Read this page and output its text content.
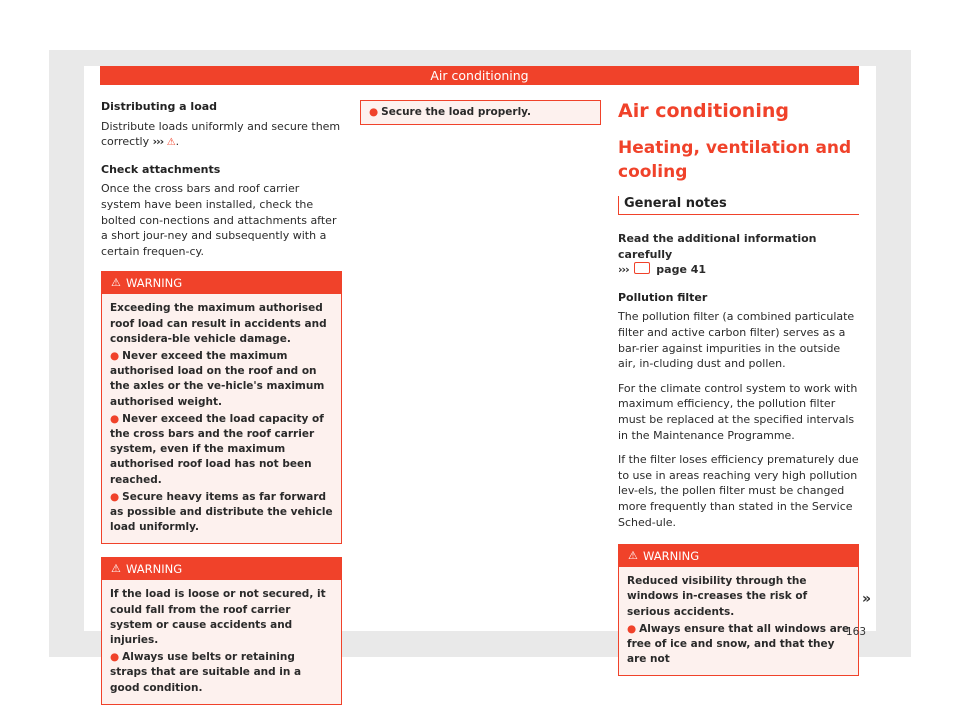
Air conditioning
Distributing a load

Distribute loads uniformly and secure them correctly ››› ⚠.

Check attachments

Once the cross bars and roof carrier system have been installed, check the bolted con-nections and attachments after a short jour-ney and subsequently with a certain frequen-cy.

⚠ WARNING

Exceeding the maximum authorised roof load can result in accidents and considera-ble vehicle damage.

● Never exceed the maximum authorised load on the roof and on the axles or the ve-hicle's maximum authorised weight.

● Never exceed the load capacity of the cross bars and the roof carrier system, even if the maximum authorised roof load has not been reached.

● Secure heavy items as far forward as possible and distribute the vehicle load uniformly.

⚠ WARNING

If the load is loose or not secured, it could fall from the roof carrier system or cause accidents and injuries.

● Always use belts or retaining straps that are suitable and in a good condition.

● Secure the load properly.	Air conditioning
Heating, ventilation and cooling
General notes

Read the additional information carefully
›››	page 41

Pollution filter

The pollution filter (a combined particulate filter and active carbon filter) serves as a bar-rier against impurities in the outside air, in-cluding dust and pollen.

For the climate control system to work with maximum efficiency, the pollution filter must be replaced at the specified intervals in the Maintenance Programme.

If the filter loses efficiency prematurely due to use in areas reaching very high pollution lev-els, the pollen filter must be changed more frequently than stated in the Service Sched-ule.

⚠ WARNING

Reduced visibility through the windows in-creases the risk of serious accidents.

● Always ensure that all windows are free of ice and snow, and that they are not

»
163
